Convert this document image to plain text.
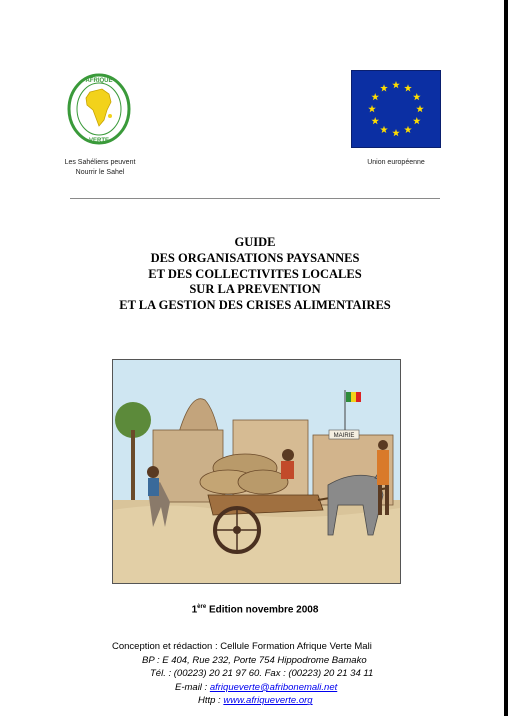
AFRIQUE
VERTE
Les Sahéliens peuvent
Nourrir le Sahel
Union européenne
GUIDE
DES ORGANISATIONS PAYSANNES
ET DES COLLECTIVITES LOCALES
SUR LA PREVENTION
ET LA GESTION DES CRISES ALIMENTAIRES
MAIRIE
1ère Edition novembre 2008
Conception et rédaction : Cellule Formation Afrique Verte Mali
BP : E 404, Rue 232, Porte 754 Hippodrome Bamako
Tél. : (00223) 20 21 97 60. Fax : (00223) 20 21 34 11
E-mail : afriqueverte@afribonemali.net
Http : www.afriqueverte.org
